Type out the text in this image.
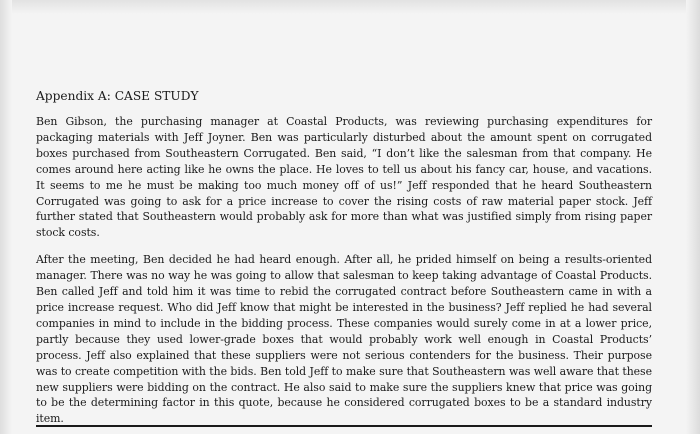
Appendix A: CASE STUDY

Ben Gibson, the purchasing manager at Coastal Products, was reviewing purchasing expenditures for packaging materials with Jeff Joyner. Ben was particularly disturbed about the amount spent on corrugated boxes purchased from Southeastern Corrugated. Ben said, “I don’t like the salesman from that company. He comes around here acting like he owns the place. He loves to tell us about his fancy car, house, and vacations. It seems to me he must be making too much money off of us!” Jeff responded that he heard Southeastern Corrugated was going to ask for a price increase to cover the rising costs of raw material paper stock. Jeff further stated that Southeastern would probably ask for more than what was justified simply from rising paper stock costs.

After the meeting, Ben decided he had heard enough. After all, he prided himself on being a results-oriented manager. There was no way he was going to allow that salesman to keep taking advantage of Coastal Products. Ben called Jeff and told him it was time to rebid the corrugated contract before Southeastern came in with a price increase request. Who did Jeff know that might be interested in the business? Jeff replied he had several companies in mind to include in the bidding process. These companies would surely come in at a lower price, partly because they used lower-grade boxes that would probably work well enough in Coastal Products’ process. Jeff also explained that these suppliers were not serious contenders for the business. Their purpose was to create competition with the bids. Ben told Jeff to make sure that Southeastern was well aware that these new suppliers were bidding on the contract. He also said to make sure the suppliers knew that price was going to be the determining factor in this quote, because he considered corrugated boxes to be a standard industry item.
